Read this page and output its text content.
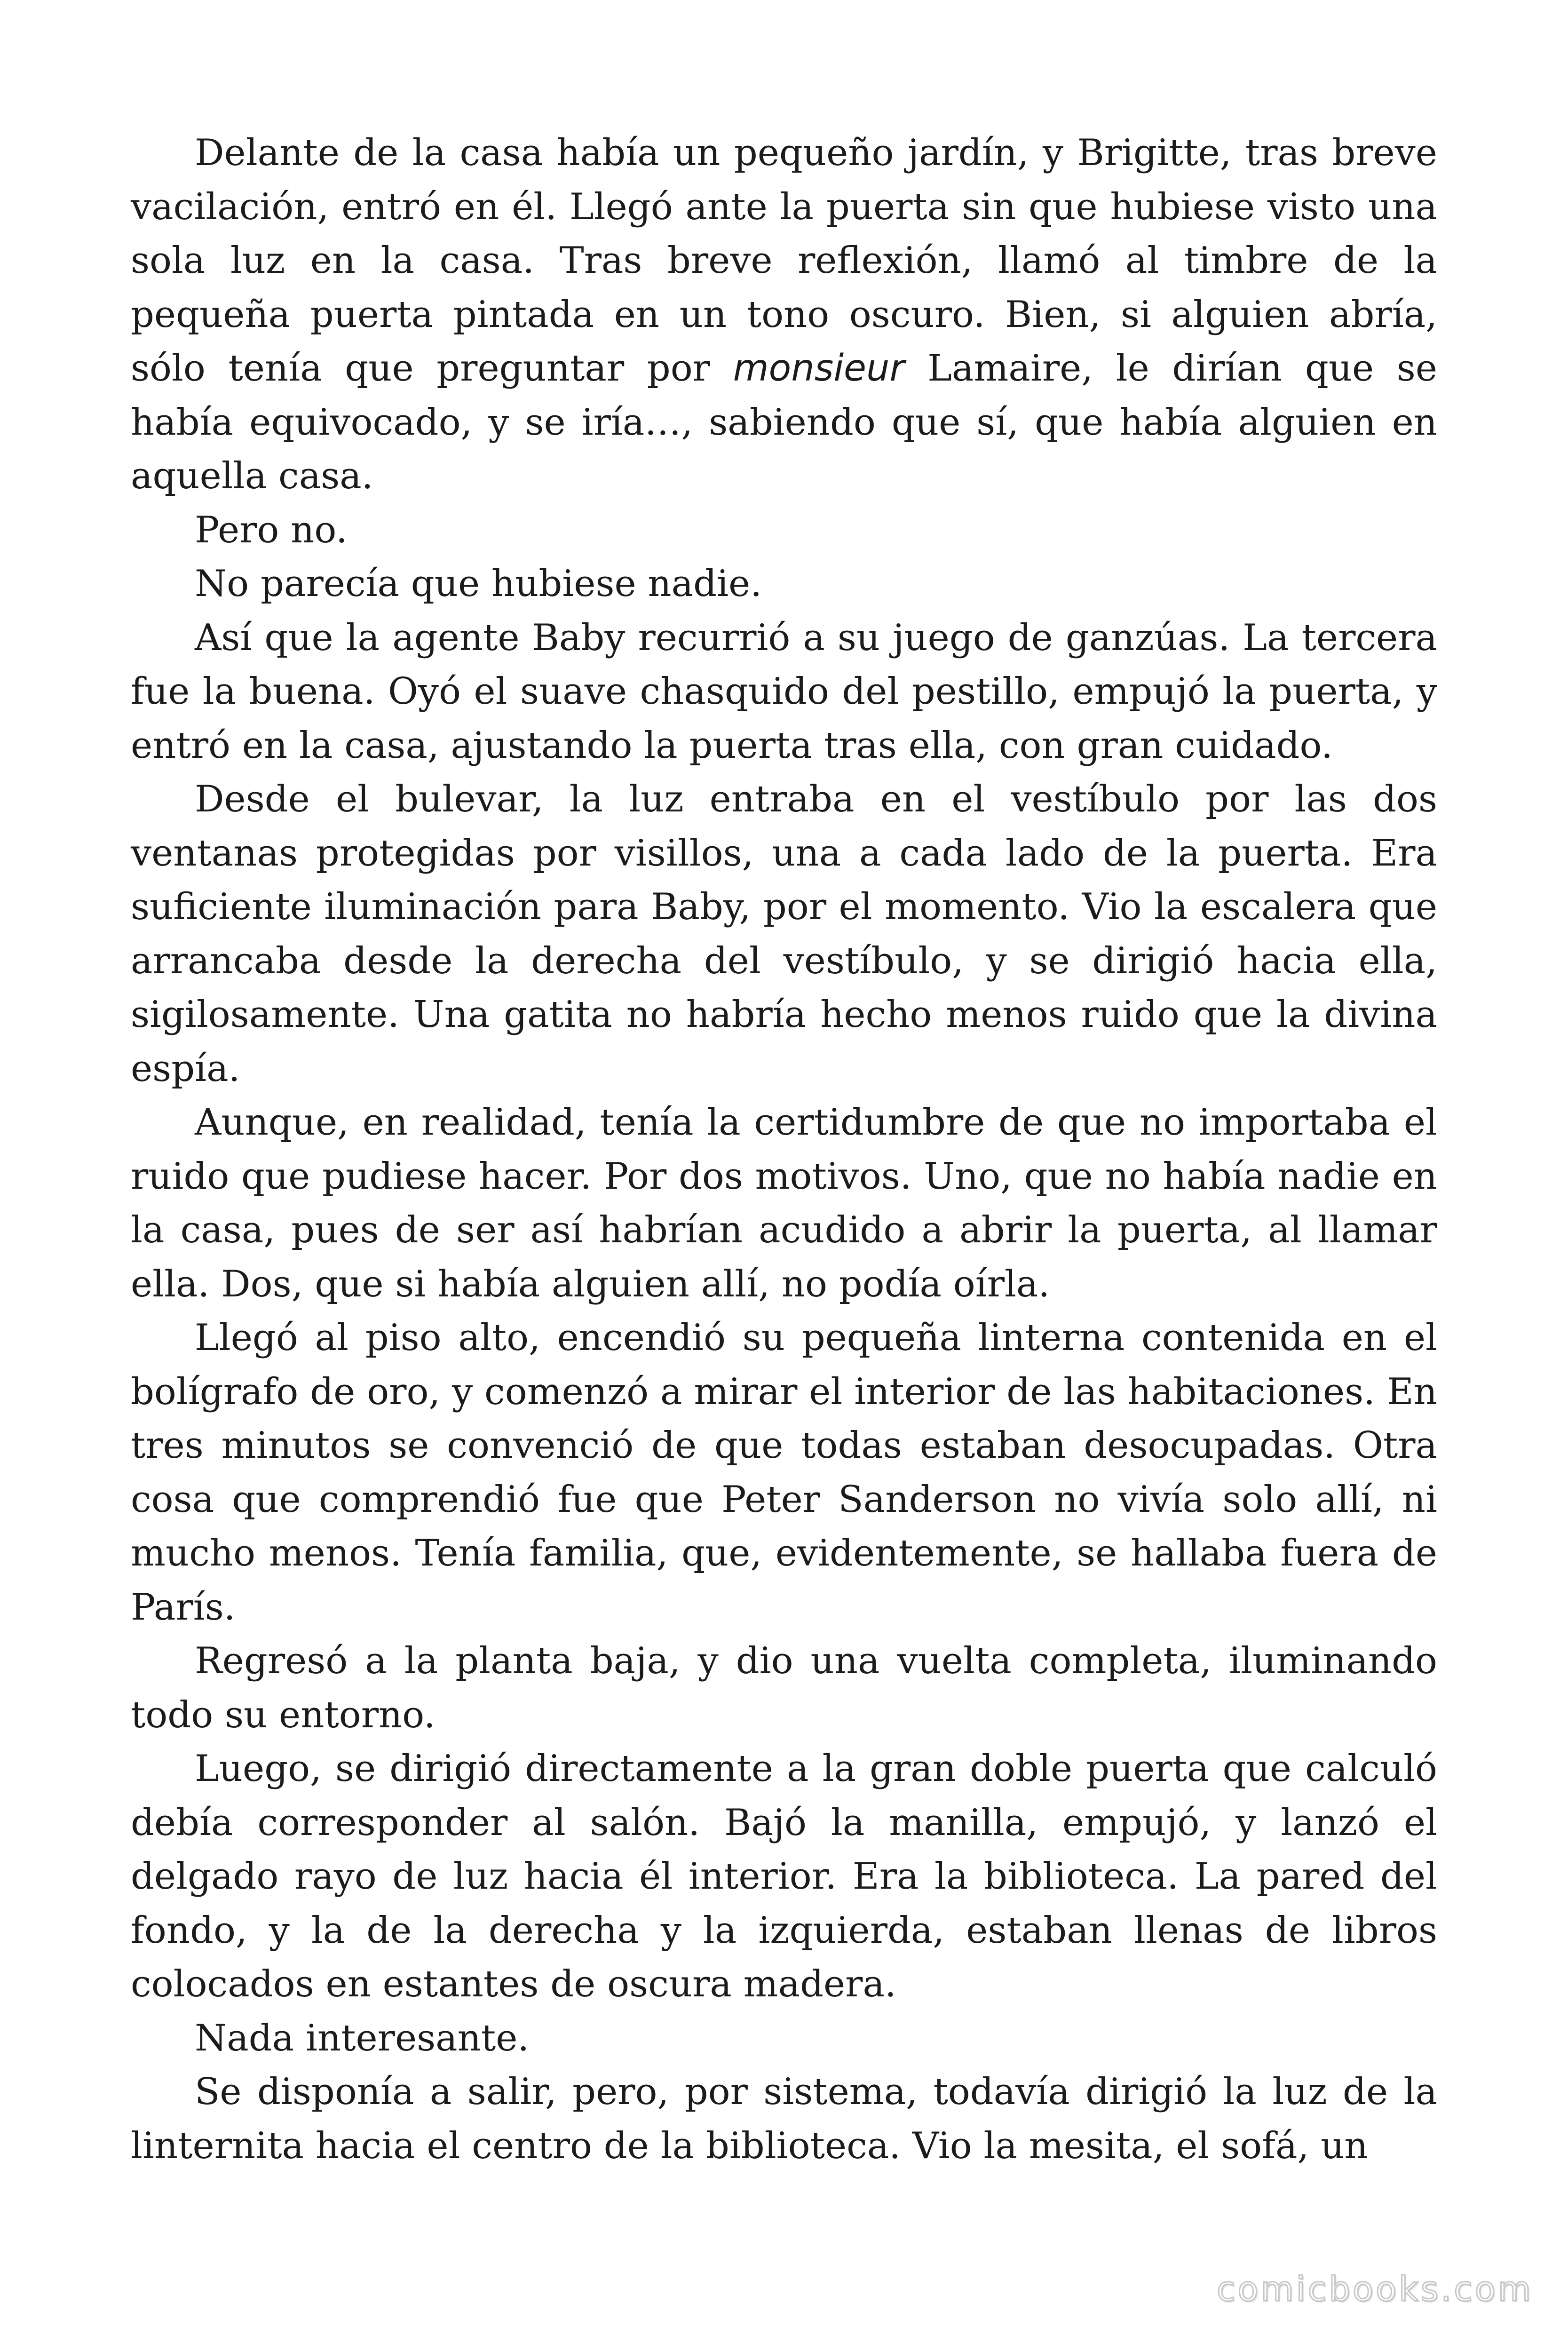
Delante de la casa había un pequeño jardín, y Brigitte, tras breve vacilación, entró en él. Llegó ante la puerta sin que hubiese visto una sola luz en la casa. Tras breve reflexión, llamó al timbre de la pequeña puerta pintada en un tono oscuro. Bien, si alguien abría, sólo tenía que preguntar por monsieur Lamaire, le dirían que se había equivocado, y se iría…, sabiendo que sí, que había alguien en aquella casa.

Pero no.

No parecía que hubiese nadie.

Así que la agente Baby recurrió a su juego de ganzúas. La tercera fue la buena. Oyó el suave chasquido del pestillo, empujó la puerta, y entró en la casa, ajustando la puerta tras ella, con gran cuidado.

Desde el bulevar, la luz entraba en el vestíbulo por las dos ventanas protegidas por visillos, una a cada lado de la puerta. Era suficiente iluminación para Baby, por el momento. Vio la escalera que arrancaba desde la derecha del vestíbulo, y se dirigió hacia ella, sigilosamente. Una gatita no habría hecho menos ruido que la divina espía.

Aunque, en realidad, tenía la certidumbre de que no importaba el ruido que pudiese hacer. Por dos motivos. Uno, que no había nadie en la casa, pues de ser así habrían acudido a abrir la puerta, al llamar ella. Dos, que si había alguien allí, no podía oírla.

Llegó al piso alto, encendió su pequeña linterna contenida en el bolígrafo de oro, y comenzó a mirar el interior de las habitaciones. En tres minutos se convenció de que todas estaban desocupadas. Otra cosa que comprendió fue que Peter Sanderson no vivía solo allí, ni mucho menos. Tenía familia, que, evidentemente, se hallaba fuera de París.

Regresó a la planta baja, y dio una vuelta completa, iluminando todo su entorno.

Luego, se dirigió directamente a la gran doble puerta que calculó debía corresponder al salón. Bajó la manilla, empujó, y lanzó el delgado rayo de luz hacia él interior. Era la biblioteca. La pared del fondo, y la de la derecha y la izquierda, estaban llenas de libros colocados en estantes de oscura madera.

Nada interesante.

Se disponía a salir, pero, por sistema, todavía dirigió la luz de la linternita hacia el centro de la biblioteca. Vio la mesita, el sofá, un

comicbooks.com
